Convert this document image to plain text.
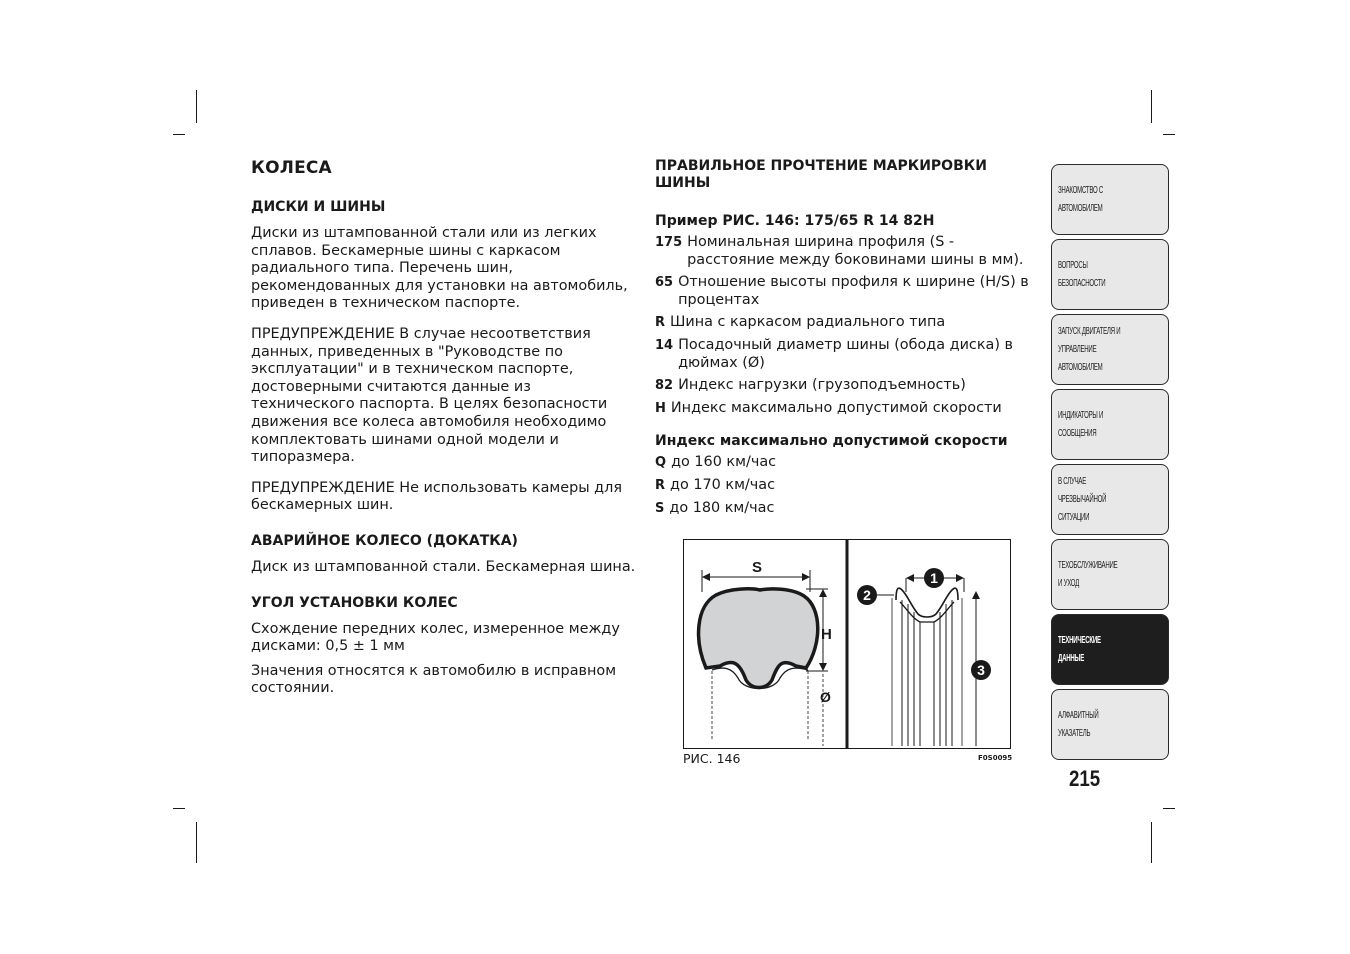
КОЛЕСА
ДИСКИ И ШИНЫ

Диски из штампованной стали или из легких сплавов. Бескамерные шины с каркасом радиального типа. Перечень шин, рекомендованных для установки на автомобиль, приведен в техническом паспорте.

ПРЕДУПРЕЖДЕНИЕ В случае несоответствия данных, приведенных в "Руководстве по эксплуатации" и в техническом паспорте, достоверными считаются данные из технического паспорта. В целях безопасности движения все колеса автомобиля необходимо комплектовать шинами одной модели и типоразмера.

ПРЕДУПРЕЖДЕНИЕ Не использовать камеры для бескамерных шин.

АВАРИЙНОЕ КОЛЕСО (ДОКАТКА)

Диск из штампованной стали. Бескамерная шина.

УГОЛ УСТАНОВКИ КОЛЕС

Схождение передних колес, измеренное между дисками: 0,5 ± 1 мм

Значения относятся к автомобилю в исправном состоянии.

ПРАВИЛЬНОЕ ПРОЧТЕНИЕ МАРКИРОВКИ ШИНЫ
Пример РИС. 146: 175/65 R 14 82H
175 Номинальная ширина профиля (S - расстояние между боковинами шины в мм).
65 Отношение высоты профиля к ширине (H/S) в процентах
R Шина с каркасом радиального типа
14 Посадочный диаметр шины (обода диска) в дюймах (Ø)
82 Индекс нагрузки (грузоподъемность)
H Индекс максимально допустимой скорости
Индекс максимально допустимой скорости
Q до 160 км/час
R до 170 км/час
S до 180 км/час
S
H
Ø
1
2
3
РИС. 146	F0S0095
ЗНАКОМСТВО С
АВТОМОБИЛЕМ
ВОПРОСЫ
БЕЗОПАСНОСТИ
ЗАПУСК ДВИГАТЕЛЯ И
УПРАВЛЕНИЕ
АВТОМОБИЛЕМ
ИНДИКАТОРЫ И
СООБЩЕНИЯ
В СЛУЧАЕ
ЧРЕЗВЫЧАЙНОЙ
СИТУАЦИИ
ТЕХОБСЛУЖИВАНИЕ
И УХОД
ТЕХНИЧЕСКИЕ
ДАННЫЕ
АЛФАВИТНЫЙ
УКАЗАТЕЛЬ
215
